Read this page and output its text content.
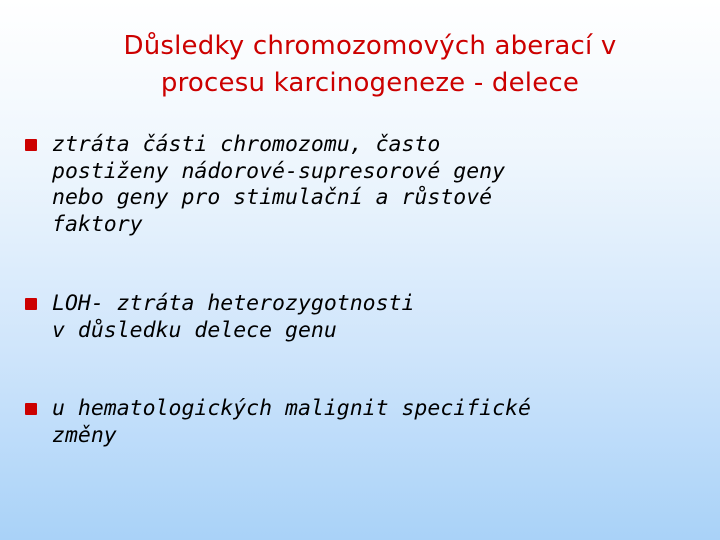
Důsledky chromozomových aberací v
procesu karcinogeneze - delece
ztráta části chromozomu, často
postiženy nádorové-supresorové geny
nebo geny pro stimulační a růstové
faktory
LOH- ztráta heterozygotnosti
v důsledku delece genu
u hematologických malignit specifické
změny
